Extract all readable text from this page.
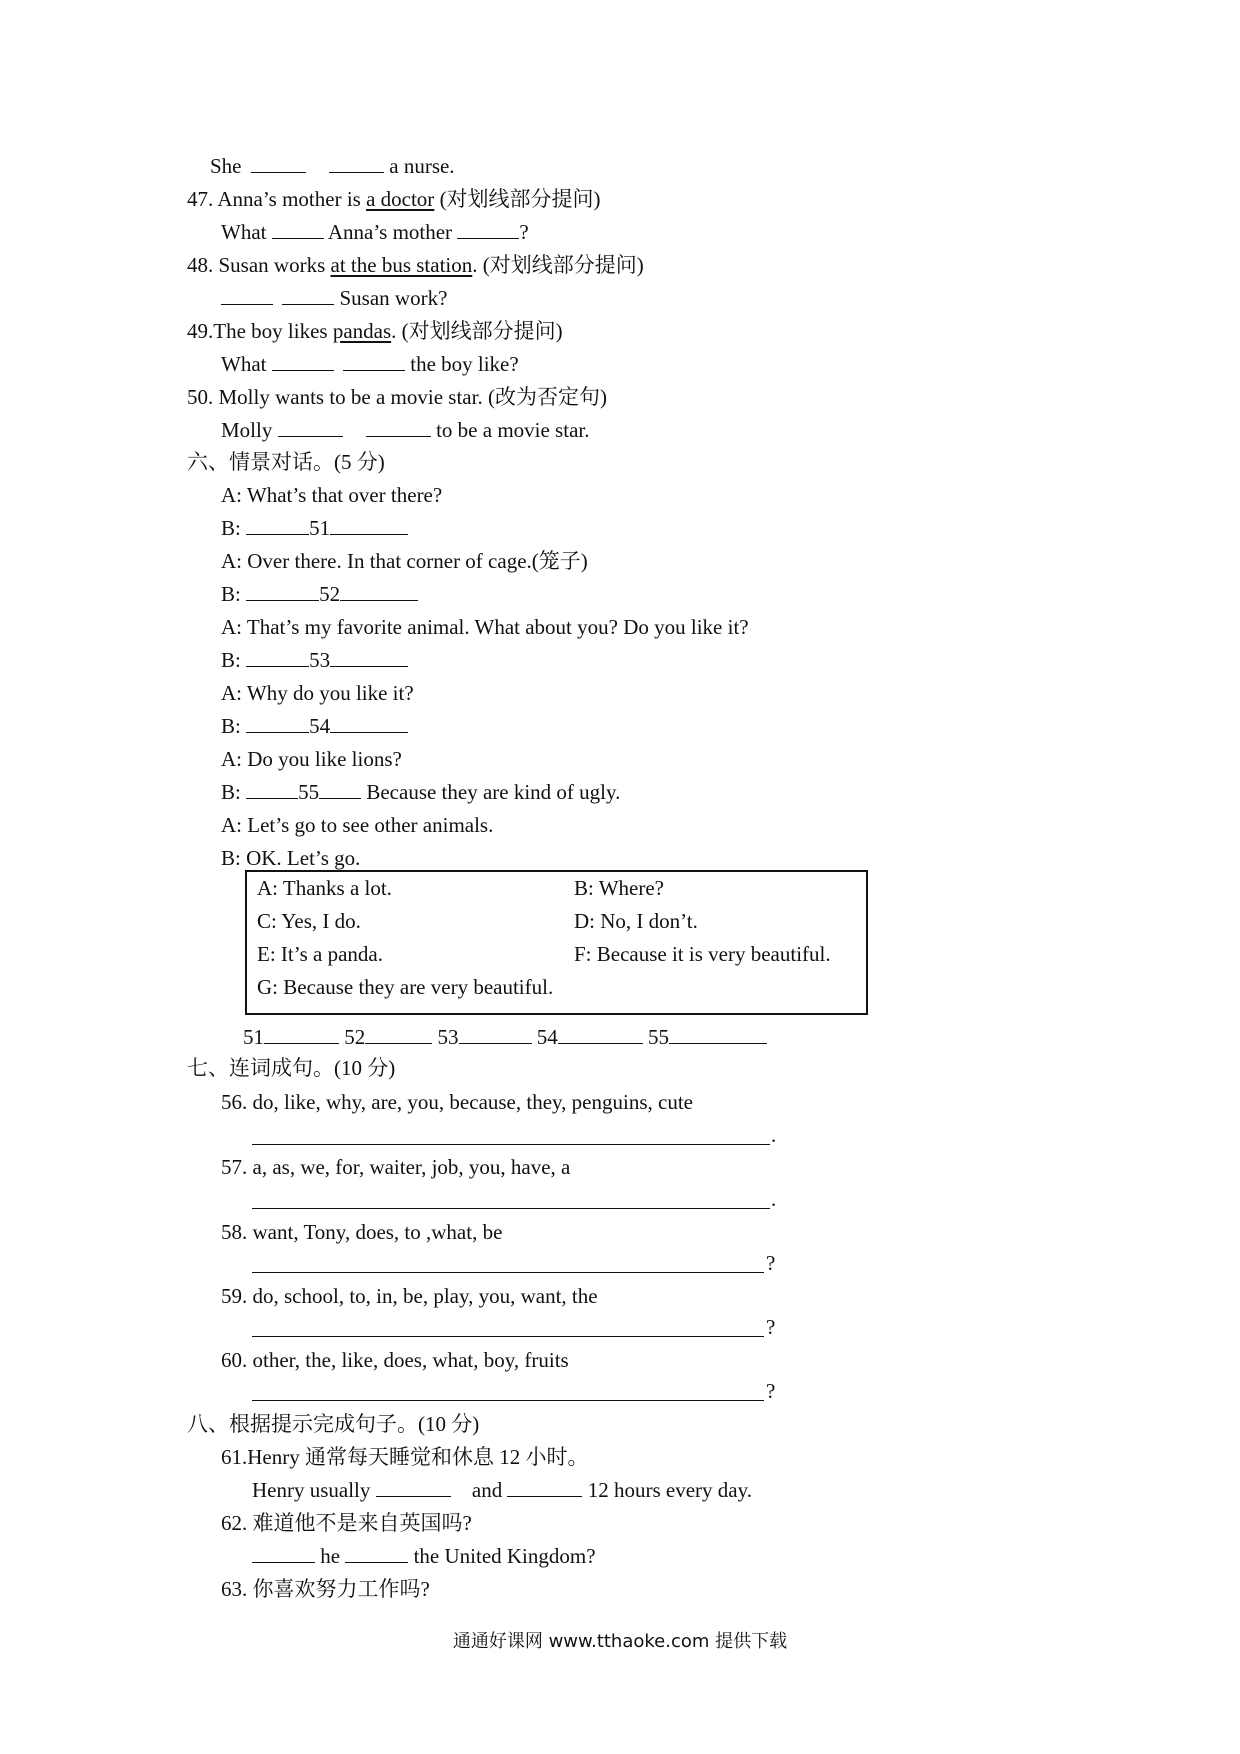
She	a nurse.
47. Anna’s mother is a doctor (对划线部分提问)
What	Anna’s mother	?
48. Susan works at the bus station. (对划线部分提问)
Susan work?
49.The boy likes pandas. (对划线部分提问)
What	the boy like?
50. Molly wants to be a movie star. (改为否定句)
Molly	to be a movie star.
六、情景对话。(5 分)
A: What’s that over there?
B:	51
A: Over there. In that corner of cage.(笼子)
B:	52
A: That’s my favorite animal. What about you? Do you like it?
B:	53
A: Why do you like it?
B:	54
A: Do you like lions?
B:	55 Because they are kind of ugly.
A: Let’s go to see other animals.
B: OK. Let’s go.
A: Thanks a lot.	B: Where?
C: Yes, I do.	D: No, I don’t.
E: It’s a panda.	F: Because it is very beautiful.
G: Because they are very beautiful.
51	52	53	54	55
七、连词成句。(10 分)
56. do, like, why, are, you, because, they, penguins, cute
.
57. a, as, we, for, waiter, job, you, have, a
.
58. want, Tony, does, to ,what, be
?
59. do, school, to, in, be, play, you, want, the
?
60. other, the, like, does, what, boy, fruits
?
八、根据提示完成句子。(10 分)
61.Henry 通常每天睡觉和休息 12 小时。
Henry usually	and	12 hours every day.
62. 难道他不是来自英国吗?
he	the United Kingdom?
63. 你喜欢努力工作吗?
通通好课网 www.tthaoke.com 提供下载
